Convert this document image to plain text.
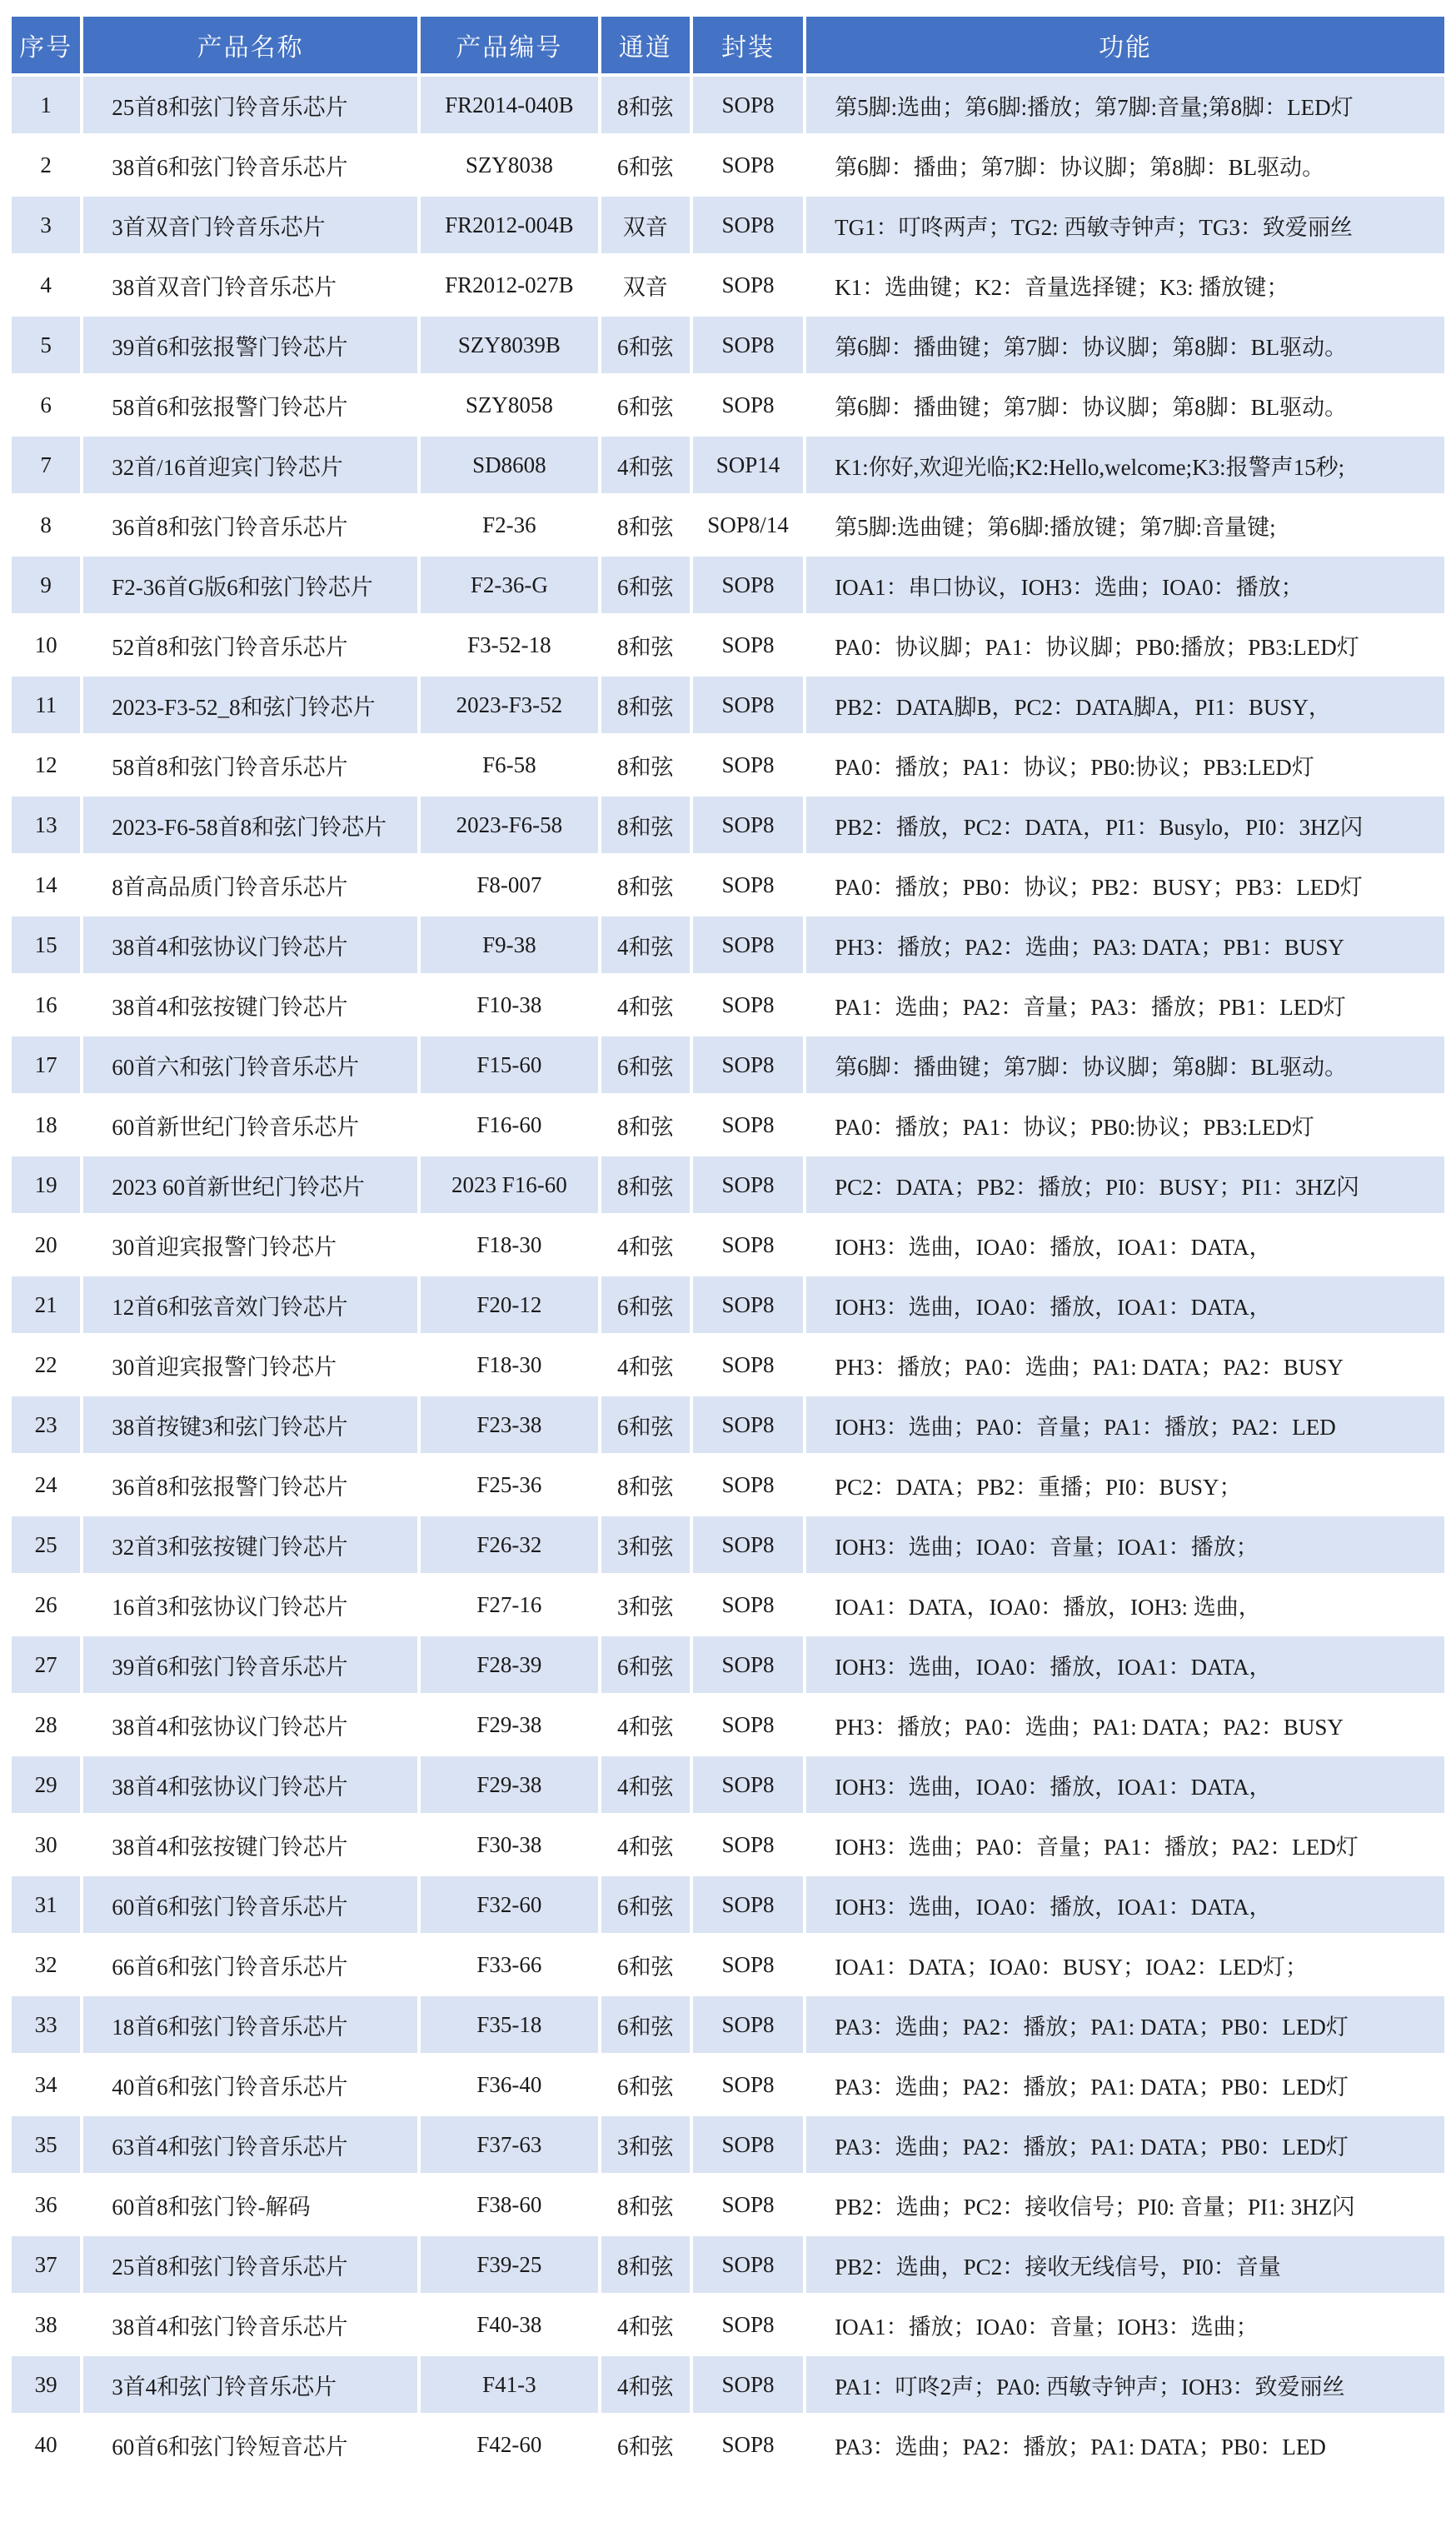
序号	产品名称	产品编号	通道	封装	功能
1	25首8和弦门铃音乐芯片	FR2014-040B	8和弦	SOP8	第5脚:选曲；第6脚:播放；第7脚:音量;第8脚：LED灯
2	38首6和弦门铃音乐芯片	SZY8038	6和弦	SOP8	第6脚：播曲；第7脚：协议脚；第8脚：BL驱动。
3	3首双音门铃音乐芯片	FR2012-004B	双音	SOP8	TG1：叮咚两声；TG2: 西敏寺钟声；TG3：致爱丽丝
4	38首双音门铃音乐芯片	FR2012-027B	双音	SOP8	K1：选曲键；K2：音量选择键；K3: 播放键；
5	39首6和弦报警门铃芯片	SZY8039B	6和弦	SOP8	第6脚：播曲键；第7脚：协议脚；第8脚：BL驱动。
6	58首6和弦报警门铃芯片	SZY8058	6和弦	SOP8	第6脚：播曲键；第7脚：协议脚；第8脚：BL驱动。
7	32首/16首迎宾门铃芯片	SD8608	4和弦	SOP14	K1:你好,欢迎光临;K2:Hello,welcome;K3:报警声15秒;
8	36首8和弦门铃音乐芯片	F2-36	8和弦	SOP8/14	第5脚:选曲键；第6脚:播放键；第7脚:音量键;
9	F2-36首G版6和弦门铃芯片	F2-36-G	6和弦	SOP8	IOA1：串口协议，IOH3：选曲；IOA0：播放；
10	52首8和弦门铃音乐芯片	F3-52-18	8和弦	SOP8	PA0：协议脚；PA1：协议脚；PB0:播放；PB3:LED灯
11	2023-F3-52_8和弦门铃芯片	2023-F3-52	8和弦	SOP8	PB2：DATA脚B，PC2：DATA脚A，PI1：BUSY，
12	58首8和弦门铃音乐芯片	F6-58	8和弦	SOP8	PA0：播放；PA1：协议；PB0:协议；PB3:LED灯
13	2023-F6-58首8和弦门铃芯片	2023-F6-58	8和弦	SOP8	PB2：播放，PC2：DATA，PI1：Busylo，PI0：3HZ闪
14	8首高品质门铃音乐芯片	F8-007	8和弦	SOP8	PA0：播放；PB0：协议；PB2：BUSY；PB3：LED灯
15	38首4和弦协议门铃芯片	F9-38	4和弦	SOP8	PH3：播放；PA2：选曲；PA3: DATA；PB1：BUSY
16	38首4和弦按键门铃芯片	F10-38	4和弦	SOP8	PA1：选曲；PA2：音量；PA3：播放；PB1：LED灯
17	60首六和弦门铃音乐芯片	F15-60	6和弦	SOP8	第6脚：播曲键；第7脚：协议脚；第8脚：BL驱动。
18	60首新世纪门铃音乐芯片	F16-60	8和弦	SOP8	PA0：播放；PA1：协议；PB0:协议；PB3:LED灯
19	2023 60首新世纪门铃芯片	2023 F16-60	8和弦	SOP8	PC2：DATA；PB2：播放；PI0：BUSY；PI1：3HZ闪
20	30首迎宾报警门铃芯片	F18-30	4和弦	SOP8	IOH3：选曲，IOA0：播放，IOA1：DATA，
21	12首6和弦音效门铃芯片	F20-12	6和弦	SOP8	IOH3：选曲，IOA0：播放，IOA1：DATA，
22	30首迎宾报警门铃芯片	F18-30	4和弦	SOP8	PH3：播放；PA0：选曲；PA1: DATA；PA2：BUSY
23	38首按键3和弦门铃芯片	F23-38	6和弦	SOP8	IOH3：选曲；PA0：音量；PA1：播放；PA2：LED
24	36首8和弦报警门铃芯片	F25-36	8和弦	SOP8	PC2：DATA；PB2：重播；PI0：BUSY；
25	32首3和弦按键门铃芯片	F26-32	3和弦	SOP8	IOH3：选曲；IOA0：音量；IOA1：播放；
26	16首3和弦协议门铃芯片	F27-16	3和弦	SOP8	IOA1：DATA，IOA0：播放，IOH3: 选曲，
27	39首6和弦门铃音乐芯片	F28-39	6和弦	SOP8	IOH3：选曲，IOA0：播放，IOA1：DATA，
28	38首4和弦协议门铃芯片	F29-38	4和弦	SOP8	PH3：播放；PA0：选曲；PA1: DATA；PA2：BUSY
29	38首4和弦协议门铃芯片	F29-38	4和弦	SOP8	IOH3：选曲，IOA0：播放，IOA1：DATA，
30	38首4和弦按键门铃芯片	F30-38	4和弦	SOP8	IOH3：选曲；PA0：音量；PA1：播放；PA2：LED灯
31	60首6和弦门铃音乐芯片	F32-60	6和弦	SOP8	IOH3：选曲，IOA0：播放，IOA1：DATA，
32	66首6和弦门铃音乐芯片	F33-66	6和弦	SOP8	IOA1：DATA；IOA0：BUSY；IOA2：LED灯；
33	18首6和弦门铃音乐芯片	F35-18	6和弦	SOP8	PA3：选曲；PA2：播放；PA1: DATA；PB0：LED灯
34	40首6和弦门铃音乐芯片	F36-40	6和弦	SOP8	PA3：选曲；PA2：播放；PA1: DATA；PB0：LED灯
35	63首4和弦门铃音乐芯片	F37-63	3和弦	SOP8	PA3：选曲；PA2：播放；PA1: DATA；PB0：LED灯
36	60首8和弦门铃-解码	F38-60	8和弦	SOP8	PB2：选曲；PC2：接收信号；PI0: 音量；PI1: 3HZ闪
37	25首8和弦门铃音乐芯片	F39-25	8和弦	SOP8	PB2：选曲，PC2：接收无线信号，PI0：音量
38	38首4和弦门铃音乐芯片	F40-38	4和弦	SOP8	IOA1：播放；IOA0：音量；IOH3：选曲；
39	3首4和弦门铃音乐芯片	F41-3	4和弦	SOP8	PA1：叮咚2声；PA0: 西敏寺钟声；IOH3：致爱丽丝
40	60首6和弦门铃短音芯片	F42-60	6和弦	SOP8	PA3：选曲；PA2：播放；PA1: DATA；PB0：LED
